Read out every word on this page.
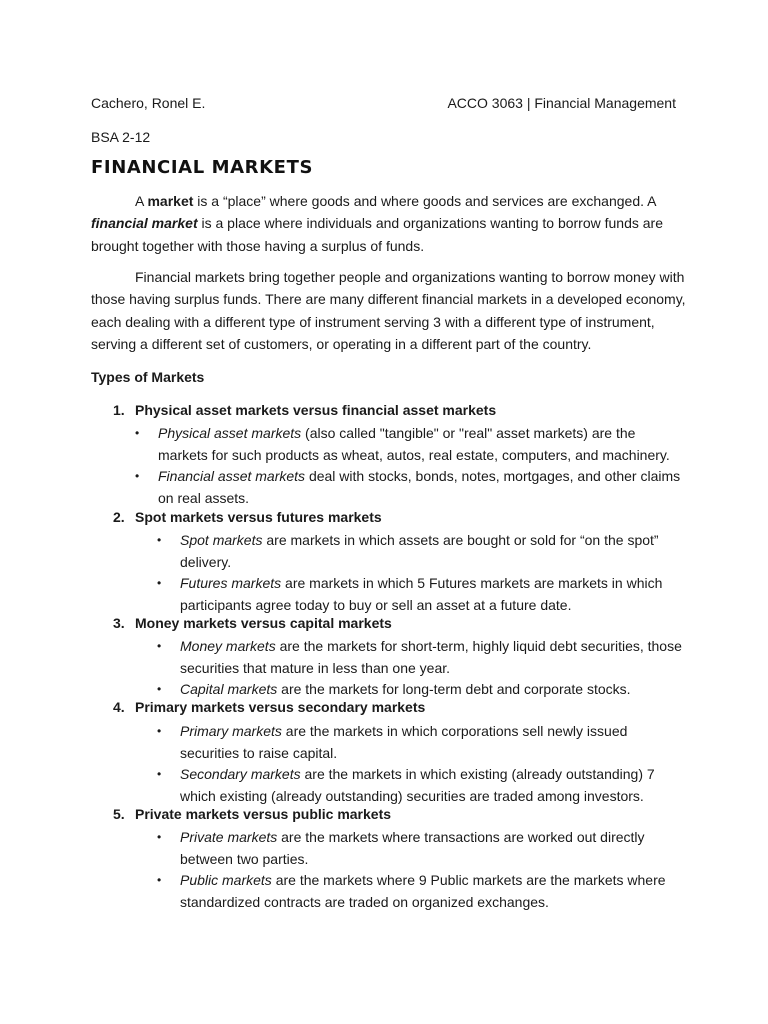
Cachero, Ronel E.	ACCO 3063 | Financial Management
BSA 2-12
FINANCIAL MARKETS
A market is a “place” where goods and where goods and services are exchanged. A
financial market is a place where individuals and organizations wanting to borrow funds are
brought together with those having a surplus of funds.
Financial markets bring together people and organizations wanting to borrow money with
those having surplus funds. There are many different financial markets in a developed economy,
each dealing with a different type of instrument serving 3 with a different type of instrument,
serving a different set of customers, or operating in a different part of the country.
Types of Markets
1. Physical asset markets versus financial asset markets
• Physical asset markets (also called "tangible" or "real" asset markets) are the
markets for such products as wheat, autos, real estate, computers, and machinery.
• Financial asset markets deal with stocks, bonds, notes, mortgages, and other claims
on real assets.
2. Spot markets versus futures markets
• Spot markets are markets in which assets are bought or sold for “on the spot”
delivery.
• Futures markets are markets in which 5 Futures markets are markets in which
participants agree today to buy or sell an asset at a future date.
3. Money markets versus capital markets
• Money markets are the markets for short-term, highly liquid debt securities, those
securities that mature in less than one year.
• Capital markets are the markets for long-term debt and corporate stocks.
4. Primary markets versus secondary markets
• Primary markets are the markets in which corporations sell newly issued
securities to raise capital.
• Secondary markets are the markets in which existing (already outstanding) 7
which existing (already outstanding) securities are traded among investors.
5. Private markets versus public markets
• Private markets are the markets where transactions are worked out directly
between two parties.
• Public markets are the markets where 9 Public markets are the markets where
standardized contracts are traded on organized exchanges.
